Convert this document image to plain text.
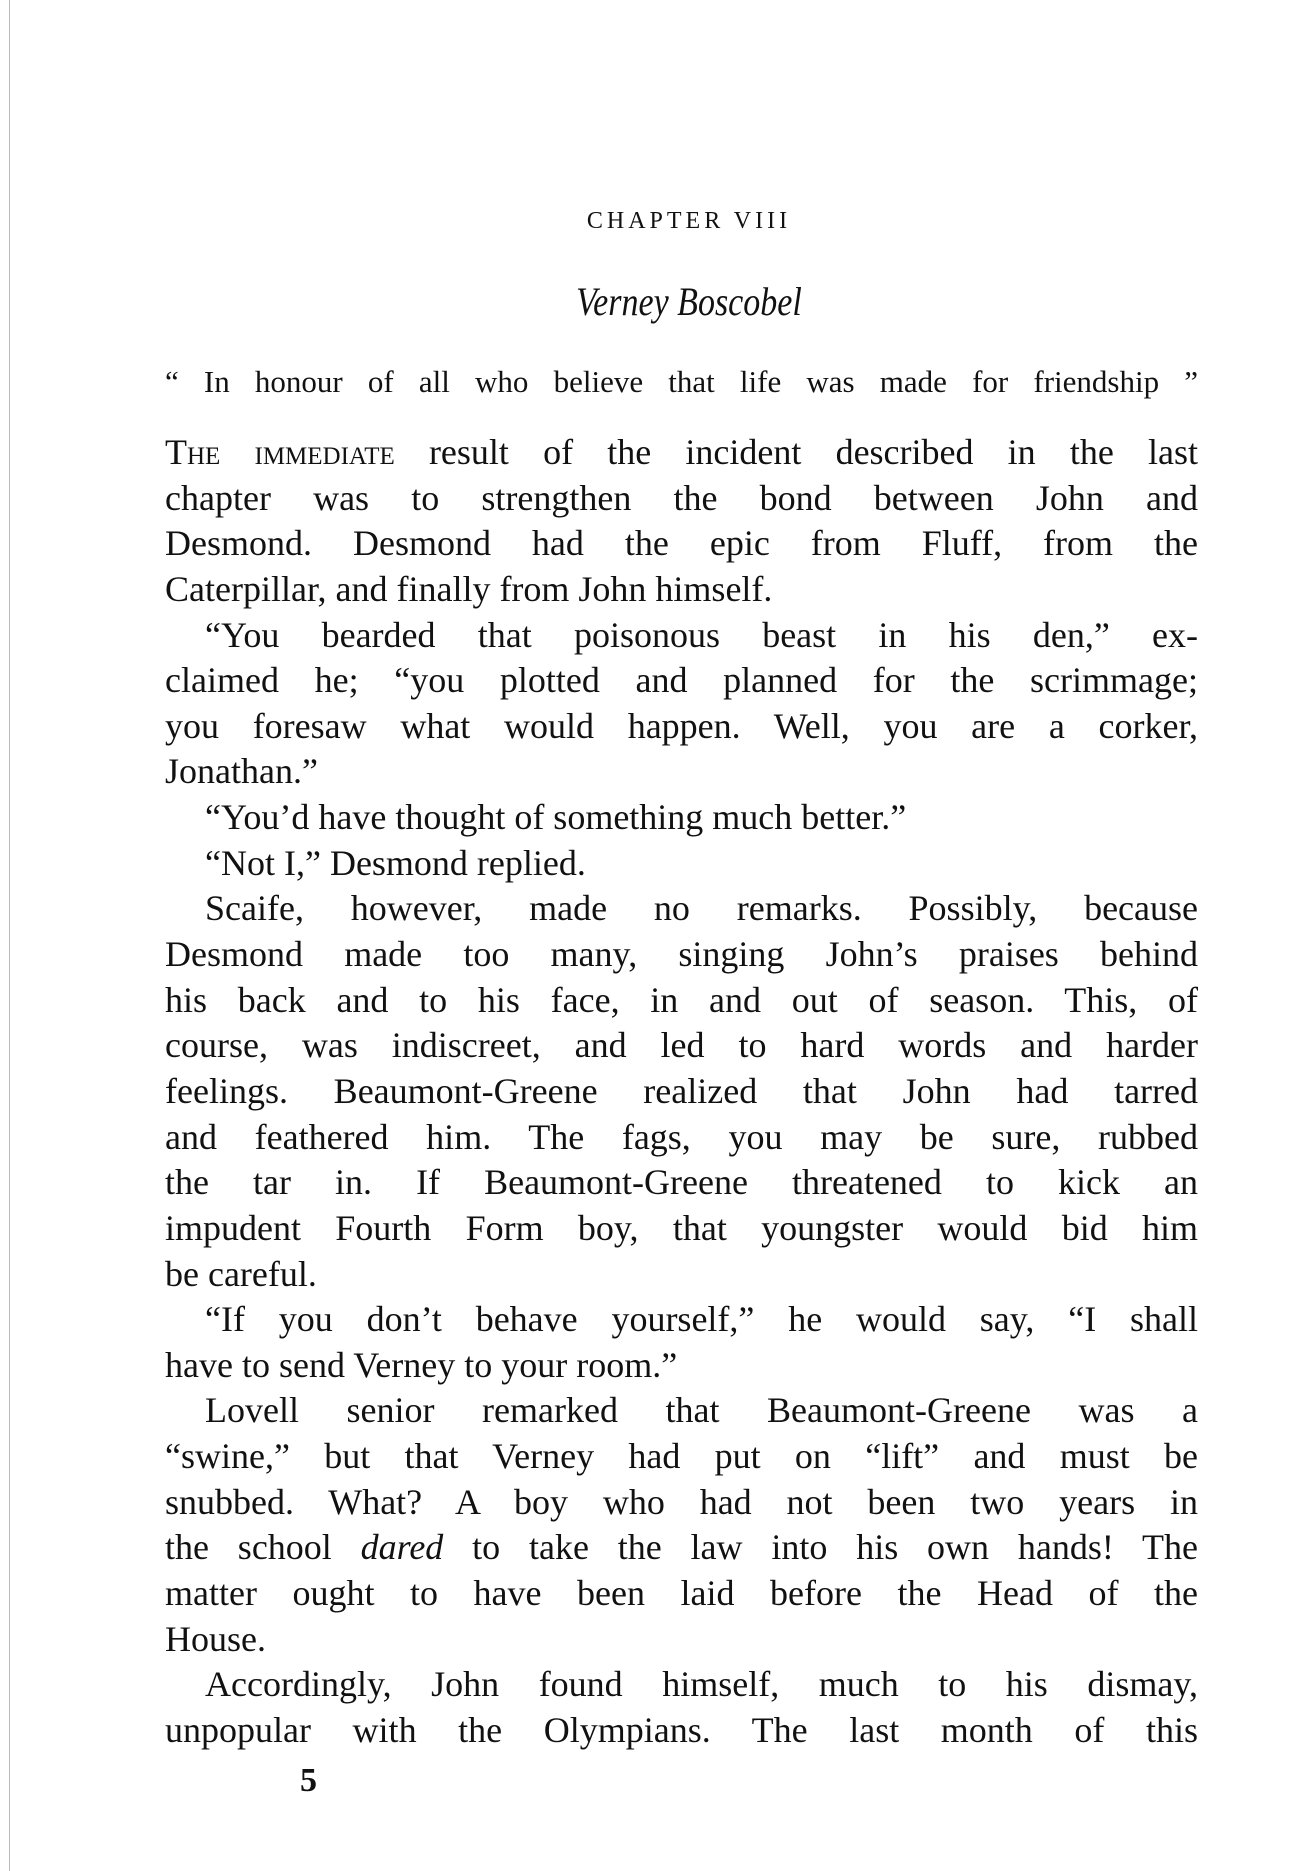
CHAPTER VIII
Verney Boscobel
“ In honour of all who believe that life was made for friendship ”
The immediate result of the incident described in the last
chapter was to strengthen the bond between John and
Desmond. Desmond had the epic from Fluff, from the
Caterpillar, and finally from John himself.
“You bearded that poisonous beast in his den,” ex-
claimed he; “you plotted and planned for the scrimmage;
you foresaw what would happen. Well, you are a corker,
Jonathan.”
“You’d have thought of something much better.”
“Not I,” Desmond replied.
Scaife, however, made no remarks. Possibly, because
Desmond made too many, singing John’s praises behind
his back and to his face, in and out of season. This, of
course, was indiscreet, and led to hard words and harder
feelings. Beaumont-Greene realized that John had tarred
and feathered him. The fags, you may be sure, rubbed
the tar in. If Beaumont-Greene threatened to kick an
impudent Fourth Form boy, that youngster would bid him
be careful.
“If you don’t behave yourself,” he would say, “I shall
have to send Verney to your room.”
Lovell senior remarked that Beaumont-Greene was a
“swine,” but that Verney had put on “lift” and must be
snubbed. What? A boy who had not been two years in
the school dared to take the law into his own hands! The
matter ought to have been laid before the Head of the
House.
Accordingly, John found himself, much to his dismay,
unpopular with the Olympians. The last month of this
5
